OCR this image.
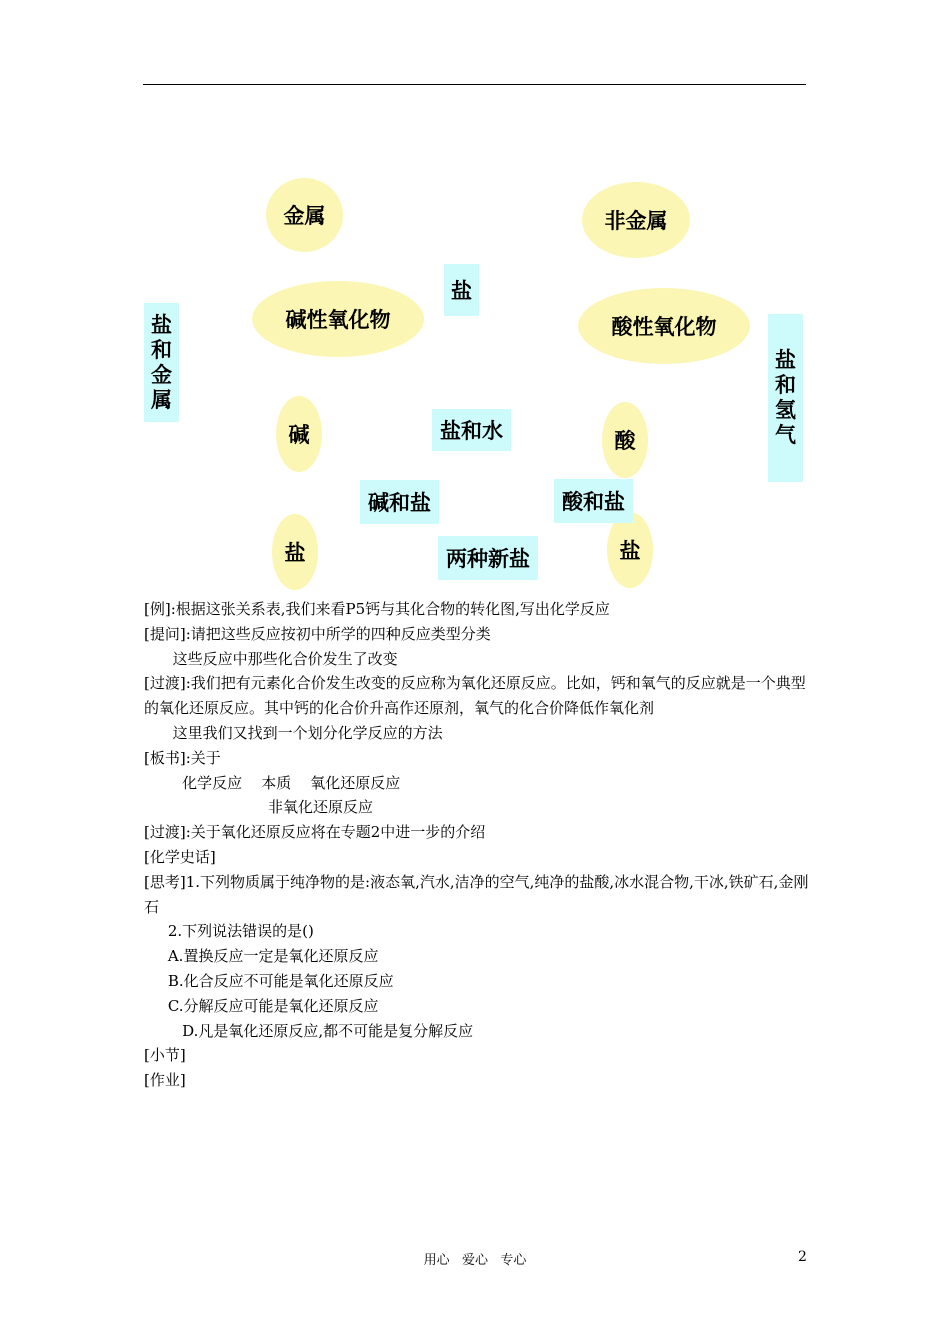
金属	非金属
碱性氧化物	酸性氧化物
碱	酸
盐	盐
盐
盐和金属
盐和氢气
盐和水
碱和盐	酸和盐
两种新盐
[例]:根据这张关系表,我们来看P5钙与其化合物的转化图,写出化学反应
[提问]:请把这些反应按初中所学的四种反应类型分类
这些反应中那些化合价发生了改变
[过渡]:我们把有元素化合价发生改变的反应称为氧化还原反应。比如，钙和氧气的反应就是一个典型的氧化还原反应。其中钙的化合价升高作还原剂，氧气的化合价降低作氧化剂
这里我们又找到一个划分化学反应的方法
[板书]:关于
化学反应    本质    氧化还原反应
非氧化还原反应
[过渡]:关于氧化还原反应将在专题2中进一步的介绍
[化学史话]
[思考]1.下列物质属于纯净物的是:液态氧,汽水,洁净的空气,纯净的盐酸,冰水混合物,干冰,铁矿石,金刚石
2.下列说法错误的是()
A.置换反应一定是氧化还原反应
B.化合反应不可能是氧化还原反应
C.分解反应可能是氧化还原反应
D.凡是氧化还原反应,都不可能是复分解反应
[小节]
[作业]
用心   爱心   专心	2
